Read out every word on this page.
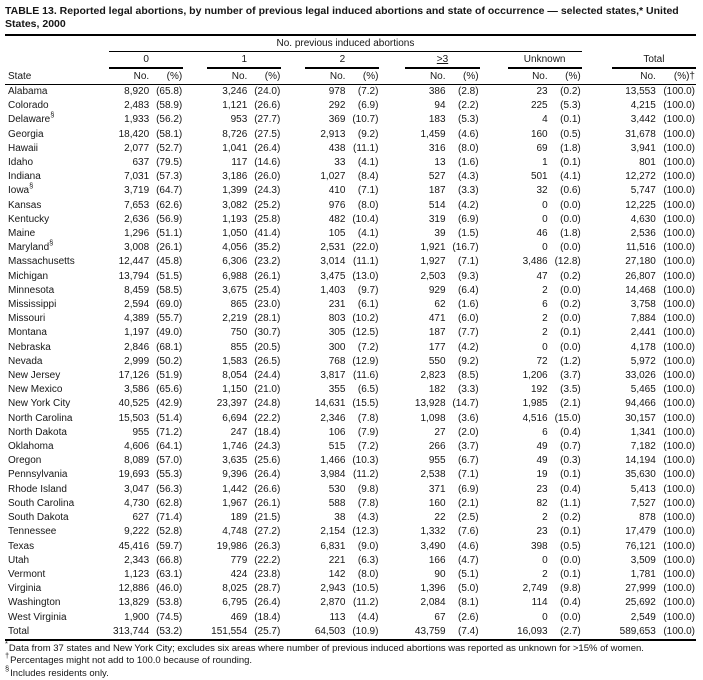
TABLE 13. Reported legal abortions, by number of previous legal induced abortions and state of occurrence — selected states,* United States, 2000
	No. previous induced abortions																
	0			1			2			>3			Unknown			Total	
State	No.	(%)		No.	(%)		No.	(%)		No.	(%)		No.	(%)		No.	(%)†
Alabama	8,920	(65.8)		3,246	(24.0)		978	(7.2)		386	(2.8)		23	(0.2)		13,553	(100.0)
Colorado	2,483	(58.9)		1,121	(26.6)		292	(6.9)		94	(2.2)		225	(5.3)		4,215	(100.0)
Delaware§	1,933	(56.2)		953	(27.7)		369	(10.7)		183	(5.3)		4	(0.1)		3,442	(100.0)
Georgia	18,420	(58.1)		8,726	(27.5)		2,913	(9.2)		1,459	(4.6)		160	(0.5)		31,678	(100.0)
Hawaii	2,077	(52.7)		1,041	(26.4)		438	(11.1)		316	(8.0)		69	(1.8)		3,941	(100.0)
Idaho	637	(79.5)		117	(14.6)		33	(4.1)		13	(1.6)		1	(0.1)		801	(100.0)
Indiana	7,031	(57.3)		3,186	(26.0)		1,027	(8.4)		527	(4.3)		501	(4.1)		12,272	(100.0)
Iowa§	3,719	(64.7)		1,399	(24.3)		410	(7.1)		187	(3.3)		32	(0.6)		5,747	(100.0)
Kansas	7,653	(62.6)		3,082	(25.2)		976	(8.0)		514	(4.2)		0	(0.0)		12,225	(100.0)
Kentucky	2,636	(56.9)		1,193	(25.8)		482	(10.4)		319	(6.9)		0	(0.0)		4,630	(100.0)
Maine	1,296	(51.1)		1,050	(41.4)		105	(4.1)		39	(1.5)		46	(1.8)		2,536	(100.0)
Maryland§	3,008	(26.1)		4,056	(35.2)		2,531	(22.0)		1,921	(16.7)		0	(0.0)		11,516	(100.0)
Massachusetts	12,447	(45.8)		6,306	(23.2)		3,014	(11.1)		1,927	(7.1)		3,486	(12.8)		27,180	(100.0)
Michigan	13,794	(51.5)		6,988	(26.1)		3,475	(13.0)		2,503	(9.3)		47	(0.2)		26,807	(100.0)
Minnesota	8,459	(58.5)		3,675	(25.4)		1,403	(9.7)		929	(6.4)		2	(0.0)		14,468	(100.0)
Mississippi	2,594	(69.0)		865	(23.0)		231	(6.1)		62	(1.6)		6	(0.2)		3,758	(100.0)
Missouri	4,389	(55.7)		2,219	(28.1)		803	(10.2)		471	(6.0)		2	(0.0)		7,884	(100.0)
Montana	1,197	(49.0)		750	(30.7)		305	(12.5)		187	(7.7)		2	(0.1)		2,441	(100.0)
Nebraska	2,846	(68.1)		855	(20.5)		300	(7.2)		177	(4.2)		0	(0.0)		4,178	(100.0)
Nevada	2,999	(50.2)		1,583	(26.5)		768	(12.9)		550	(9.2)		72	(1.2)		5,972	(100.0)
New Jersey	17,126	(51.9)		8,054	(24.4)		3,817	(11.6)		2,823	(8.5)		1,206	(3.7)		33,026	(100.0)
New Mexico	3,586	(65.6)		1,150	(21.0)		355	(6.5)		182	(3.3)		192	(3.5)		5,465	(100.0)
New York City	40,525	(42.9)		23,397	(24.8)		14,631	(15.5)		13,928	(14.7)		1,985	(2.1)		94,466	(100.0)
North Carolina	15,503	(51.4)		6,694	(22.2)		2,346	(7.8)		1,098	(3.6)		4,516	(15.0)		30,157	(100.0)
North Dakota	955	(71.2)		247	(18.4)		106	(7.9)		27	(2.0)		6	(0.4)		1,341	(100.0)
Oklahoma	4,606	(64.1)		1,746	(24.3)		515	(7.2)		266	(3.7)		49	(0.7)		7,182	(100.0)
Oregon	8,089	(57.0)		3,635	(25.6)		1,466	(10.3)		955	(6.7)		49	(0.3)		14,194	(100.0)
Pennsylvania	19,693	(55.3)		9,396	(26.4)		3,984	(11.2)		2,538	(7.1)		19	(0.1)		35,630	(100.0)
Rhode Island	3,047	(56.3)		1,442	(26.6)		530	(9.8)		371	(6.9)		23	(0.4)		5,413	(100.0)
South Carolina	4,730	(62.8)		1,967	(26.1)		588	(7.8)		160	(2.1)		82	(1.1)		7,527	(100.0)
South Dakota	627	(71.4)		189	(21.5)		38	(4.3)		22	(2.5)		2	(0.2)		878	(100.0)
Tennessee	9,222	(52.8)		4,748	(27.2)		2,154	(12.3)		1,332	(7.6)		23	(0.1)		17,479	(100.0)
Texas	45,416	(59.7)		19,986	(26.3)		6,831	(9.0)		3,490	(4.6)		398	(0.5)		76,121	(100.0)
Utah	2,343	(66.8)		779	(22.2)		221	(6.3)		166	(4.7)		0	(0.0)		3,509	(100.0)
Vermont	1,123	(63.1)		424	(23.8)		142	(8.0)		90	(5.1)		2	(0.1)		1,781	(100.0)
Virginia	12,886	(46.0)		8,025	(28.7)		2,943	(10.5)		1,396	(5.0)		2,749	(9.8)		27,999	(100.0)
Washington	13,829	(53.8)		6,795	(26.4)		2,870	(11.2)		2,084	(8.1)		114	(0.4)		25,692	(100.0)
West Virginia	1,900	(74.5)		469	(18.4)		113	(4.4)		67	(2.6)		0	(0.0)		2,549	(100.0)
Total	313,744	(53.2)		151,554	(25.7)		64,503	(10.9)		43,759	(7.4)		16,093	(2.7)		589,653	(100.0)
*Data from 37 states and New York City; excludes six areas where number of previous induced abortions was reported as unknown for >15% of women.
†Percentages might not add to 100.0 because of rounding.
§Includes residents only.
